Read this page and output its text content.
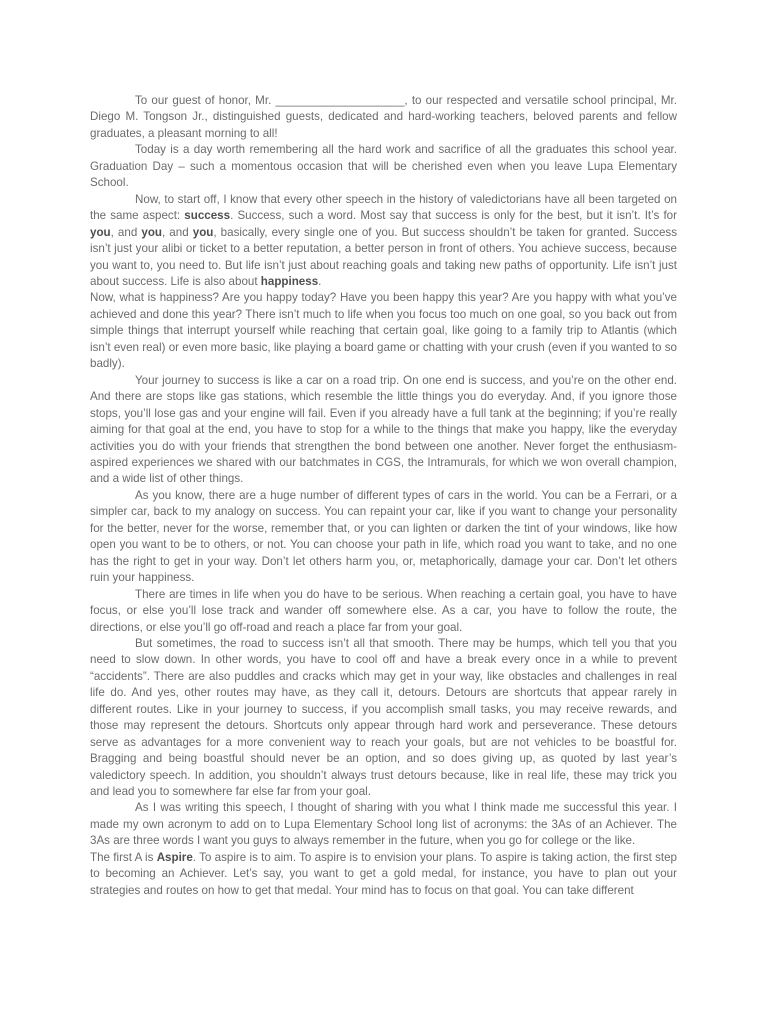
To our guest of honor, Mr. ____________________, to our respected and versatile school principal, Mr. Diego M. Tongson Jr., distinguished guests, dedicated and hard-working teachers, beloved parents and fellow graduates, a pleasant morning to all!

Today is a day worth remembering all the hard work and sacrifice of all the graduates this school year. Graduation Day – such a momentous occasion that will be cherished even when you leave Lupa Elementary School.

Now, to start off, I know that every other speech in the history of valedictorians have all been targeted on the same aspect: success. Success, such a word. Most say that success is only for the best, but it isn’t. It’s for you, and you, and you, basically, every single one of you. But success shouldn’t be taken for granted. Success isn’t just your alibi or ticket to a better reputation, a better person in front of others. You achieve success, because you want to, you need to. But life isn’t just about reaching goals and taking new paths of opportunity. Life isn’t just about success. Life is also about happiness.

Now, what is happiness? Are you happy today? Have you been happy this year? Are you happy with what you’ve achieved and done this year? There isn’t much to life when you focus too much on one goal, so you back out from simple things that interrupt yourself while reaching that certain goal, like going to a family trip to Atlantis (which isn’t even real) or even more basic, like playing a board game or chatting with your crush (even if you wanted to so badly).

Your journey to success is like a car on a road trip. On one end is success, and you’re on the other end. And there are stops like gas stations, which resemble the little things you do everyday. And, if you ignore those stops, you’ll lose gas and your engine will fail. Even if you already have a full tank at the beginning; if you’re really aiming for that goal at the end, you have to stop for a while to the things that make you happy, like the everyday activities you do with your friends that strengthen the bond between one another. Never forget the enthusiasm-aspired experiences we shared with our batchmates in CGS, the Intramurals, for which we won overall champion, and a wide list of other things.

As you know, there are a huge number of different types of cars in the world. You can be a Ferrari, or a simpler car, back to my analogy on success. You can repaint your car, like if you want to change your personality for the better, never for the worse, remember that, or you can lighten or darken the tint of your windows, like how open you want to be to others, or not. You can choose your path in life, which road you want to take, and no one has the right to get in your way. Don’t let others harm you, or, metaphorically, damage your car. Don’t let others ruin your happiness.

There are times in life when you do have to be serious. When reaching a certain goal, you have to have focus, or else you’ll lose track and wander off somewhere else. As a car, you have to follow the route, the directions, or else you’ll go off-road and reach a place far from your goal.

But sometimes, the road to success isn’t all that smooth. There may be humps, which tell you that you need to slow down. In other words, you have to cool off and have a break every once in a while to prevent “accidents”. There are also puddles and cracks which may get in your way, like obstacles and challenges in real life do. And yes, other routes may have, as they call it, detours. Detours are shortcuts that appear rarely in different routes. Like in your journey to success, if you accomplish small tasks, you may receive rewards, and those may represent the detours. Shortcuts only appear through hard work and perseverance. These detours serve as advantages for a more convenient way to reach your goals, but are not vehicles to be boastful for. Bragging and being boastful should never be an option, and so does giving up, as quoted by last year’s valedictory speech. In addition, you shouldn’t always trust detours because, like in real life, these may trick you and lead you to somewhere far else far from your goal.

As I was writing this speech, I thought of sharing with you what I think made me successful this year. I made my own acronym to add on to Lupa Elementary School long list of acronyms: the 3As of an Achiever. The 3As are three words I want you guys to always remember in the future, when you go for college or the like.

The first A is Aspire. To aspire is to aim. To aspire is to envision your plans. To aspire is taking action, the first step to becoming an Achiever. Let’s say, you want to get a gold medal, for instance, you have to plan out your strategies and routes on how to get that medal. Your mind has to focus on that goal. You can take different
